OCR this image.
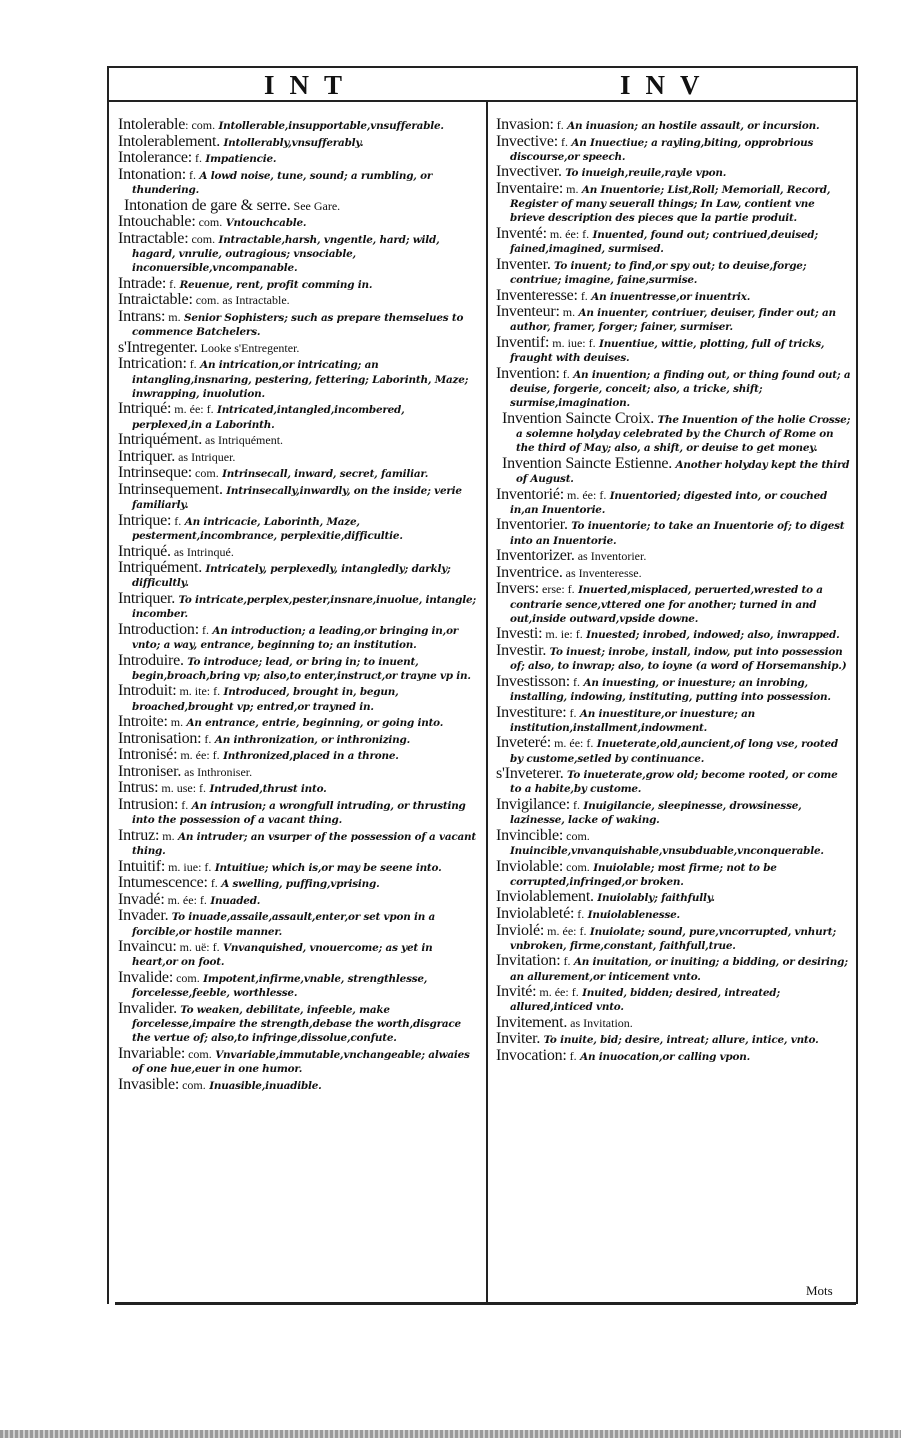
INT	INV
Intolerable: com. Intollerable,insupportable,vnsufferable.
Intolerablement. Intollerably,vnsufferably.
Intolerance: f. Impatiencie.
Intonation: f. A lowd noise, tune, sound; a rumbling, or thundering.
Intonation de gare & serre. See Gare.
Intouchable: com. Vntouchcable.
Intractable: com. Intractable,harsh, vngentle, hard; wild, hagard, vnrulie, outragious; vnsociable, inconuersible,vncompanable.
Intrade: f. Reuenue, rent, profit comming in.
Intraictable: com. as Intractable.
Intrans: m. Senior Sophisters; such as prepare themselues to commence Batchelers.
s'Intregenter. Looke s'Entregenter.
Intrication: f. An intrication,or intricating; an intangling,insnaring, pestering, fettering; Laborinth, Maze; inwrapping, inuolution.
Intriqué: m. ée: f. Intricated,intangled,incombered, perplexed,in a Laborinth.
Intriquément. as Intriquément.
Intriquer. as Intriquer.
Intrinseque: com. Intrinsecall, inward, secret, familiar.
Intrinsequement. Intrinsecally,inwardly, on the inside; verie familiarly.
Intrique: f. An intricacie, Laborinth, Maze, pesterment,incombrance, perplexitie,difficultie.
Intriqué. as Intrinqué.
Intriquément. Intricately, perplexedly, intangledly; darkly; difficultly.
Intriquer. To intricate,perplex,pester,insnare,inuolue, intangle; incomber.
Introduction: f. An introduction; a leading,or bringing in,or vnto; a way, entrance, beginning to; an institution.
Introduire. To introduce; lead, or bring in; to inuent, begin,broach,bring vp; also,to enter,instruct,or trayne vp in.
Introduit: m. ite: f. Introduced, brought in, begun, broached,brought vp; entred,or trayned in.
Introite: m. An entrance, entrie, beginning, or going into.
Intronisation: f. An inthronization, or inthronizing.
Intronisé: m. ée: f. Inthronized,placed in a throne.
Introniser. as Inthroniser.
Intrus: m. use: f. Intruded,thrust into.
Intrusion: f. An intrusion; a wrongfull intruding, or thrusting into the possession of a vacant thing.
Intruz: m. An intruder; an vsurper of the possession of a vacant thing.
Intuitif: m. iue: f. Intuitiue; which is,or may be seene into.
Intumescence: f. A swelling, puffing,vprising.
Invadé: m. ée: f. Inuaded.
Invader. To inuade,assaile,assault,enter,or set vpon in a forcible,or hostile manner.
Invaincu: m. uë: f. Vnvanquished, vnouercome; as yet in heart,or on foot.
Invalide: com. Impotent,infirme,vnable, strengthlesse, forcelesse,feeble, worthlesse.
Invalider. To weaken, debilitate, infeeble, make forcelesse,impaire the strength,debase the worth,disgrace the vertue of; also,to infringe,dissolue,confute.
Invariable: com. Vnvariable,immutable,vnchangeable; alwaies of one hue,euer in one humor.
Invasible: com. Inuasible,inuadible.
Invasion: f. An inuasion; an hostile assault, or incursion.
Invective: f. An Inuectiue; a rayling,biting, opprobrious discourse,or speech.
Invectiver. To inueigh,reuile,rayle vpon.
Inventaire: m. An Inuentorie; List,Roll; Memoriall, Record, Register of many seuerall things; In Law, contient vne brieve description des pieces que la partie produit.
Inventé: m. ée: f. Inuented, found out; contriued,deuised; fained,imagined, surmised.
Inventer. To inuent; to find,or spy out; to deuise,forge; contriue; imagine, faine,surmise.
Inventeresse: f. An inuentresse,or inuentrix.
Inventeur: m. An inuenter, contriuer, deuiser, finder out; an author, framer, forger; fainer, surmiser.
Inventif: m. iue: f. Inuentiue, wittie, plotting, full of tricks, fraught with deuises.
Invention: f. An inuention; a finding out, or thing found out; a deuise, forgerie, conceit; also, a tricke, shift; surmise,imagination.
Invention Saincte Croix. The Inuention of the holie Crosse; a solemne holyday celebrated by the Church of Rome on the third of May; also, a shift, or deuise to get money.
Invention Saincte Estienne. Another holyday kept the third of August.
Inventorié: m. ée: f. Inuentoried; digested into, or couched in,an Inuentorie.
Inventorier. To inuentorie; to take an Inuentorie of; to digest into an Inuentorie.
Inventorizer. as Inventorier.
Inventrice. as Inventeresse.
Invers: erse: f. Inuerted,misplaced, peruerted,wrested to a contrarie sence,vttered one for another; turned in and out,inside outward,vpside downe.
Investi: m. ie: f. Inuested; inrobed, indowed; also, inwrapped.
Investir. To inuest; inrobe, install, indow, put into possession of; also, to inwrap; also, to ioyne (a word of Horsemanship.)
Investisson: f. An inuesting, or inuesture; an inrobing, installing, indowing, instituting, putting into possession.
Investiture: f. An inuestiture,or inuesture; an institution,installment,indowment.
Inveteré: m. ée: f. Inueterate,old,auncient,of long vse, rooted by custome,setled by continuance.
s'Inveterer. To inueterate,grow old; become rooted, or come to a habite,by custome.
Invigilance: f. Inuigilancie, sleepinesse, drowsinesse, lazinesse, lacke of waking.
Invincible: com. Inuincible,vnvanquishable,vnsubduable,vnconquerable.
Inviolable: com. Inuiolable; most firme; not to be corrupted,infringed,or broken.
Inviolablement. Inuiolably; faithfully.
Inviolableté: f. Inuiolablenesse.
Inviolé: m. ée: f. Inuiolate; sound, pure,vncorrupted, vnhurt; vnbroken, firme,constant, faithfull,true.
Invitation: f. An inuitation, or inuiting; a bidding, or desiring; an allurement,or inticement vnto.
Invité: m. ée: f. Inuited, bidden; desired, intreated; allured,inticed vnto.
Invitement. as Invitation.
Inviter. To inuite, bid; desire, intreat; allure, intice, vnto.
Invocation: f. An inuocation,or calling vpon.
Mots
